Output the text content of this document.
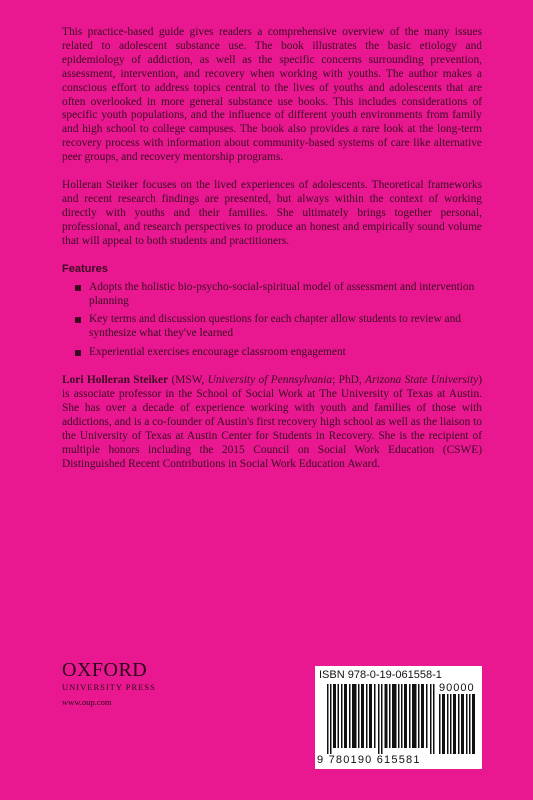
This practice-based guide gives readers a comprehensive overview of the many issues related to adolescent substance use. The book illustrates the basic etiology and epidemiology of addiction, as well as the specific concerns surrounding prevention, assessment, intervention, and recovery when working with youths. The author makes a conscious effort to address topics central to the lives of youths and adolescents that are often overlooked in more general substance use books. This includes considerations of specific youth populations, and the influence of different youth environments from family and high school to college campuses. The book also provides a rare look at the long-term recovery process with information about community-based systems of care like alternative peer groups, and recovery mentorship programs.

Holleran Steiker focuses on the lived experiences of adolescents. Theoretical frameworks and recent research findings are presented, but always within the context of working directly with youths and their families. She ultimately brings together personal, professional, and research perspectives to produce an honest and empirically sound volume that will appeal to both students and practitioners.

Features
Adopts the holistic bio-psycho-social-spiritual model of assessment and intervention planning
Key terms and discussion questions for each chapter allow students to review and synthesize what they've learned
Experiential exercises encourage classroom engagement

Lori Holleran Steiker (MSW, University of Pennsylvania; PhD, Arizona State University) is associate professor in the School of Social Work at The University of Texas at Austin. She has over a decade of experience working with youth and families of those with addictions, and is a co-founder of Austin's first recovery high school as well as the liaison to the University of Texas at Austin Center for Students in Recovery. She is the recipient of multiple honors including the 2015 Council on Social Work Education (CSWE) Distinguished Recent Contributions in Social Work Education Award.

OXFORD
UNIVERSITY PRESS
www.oup.com
ISBN 978-0-19-061558-1
90000
9 780190 615581
